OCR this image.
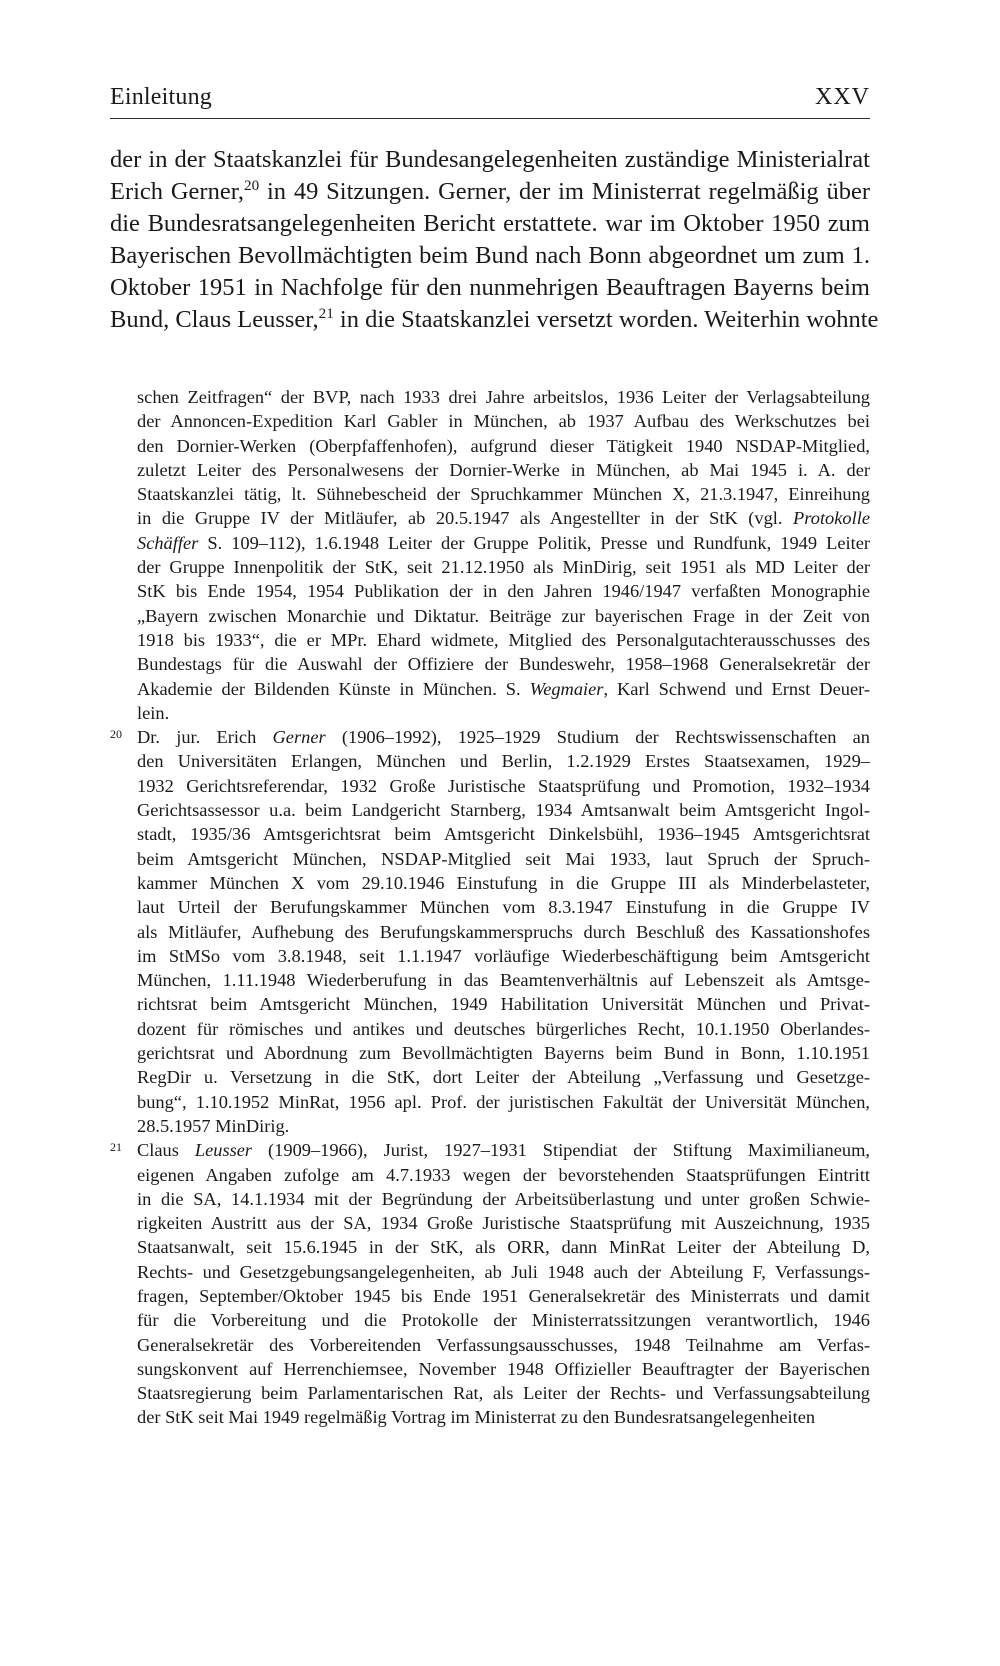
Einleitung	XXV
der in der Staatskanzlei für Bundesangelegenheiten zuständige Ministerialrat
Erich Gerner,$^{20}$ in 49 Sitzungen. Gerner, der im Ministerrat regelmäßig über
die Bundesratsangelegenheiten Bericht erstattete. war im Oktober 1950 zum
Bayerischen Bevollmächtigten beim Bund nach Bonn abgeordnet um zum 1.
Oktober 1951 in Nachfolge für den nunmehrigen Beauftragen Bayerns beim
Bund, Claus Leusser,$^{21}$ in die Staatskanzlei versetzt worden. Weiterhin wohnte
schen Zeitfragen“ der BVP, nach 1933 drei Jahre arbeitslos, 1936 Leiter der Verlagsabteilung
der Annoncen-Expedition Karl Gabler in München, ab 1937 Aufbau des Werkschutzes bei
den Dornier-Werken (Oberpfaffenhofen), aufgrund dieser Tätigkeit 1940 NSDAP-Mitglied,
zuletzt Leiter des Personalwesens der Dornier-Werke in München, ab Mai 1945 i. A. der
Staatskanzlei tätig, lt. Sühnebescheid der Spruchkammer München X, 21.3.1947, Einreihung
in die Gruppe IV der Mitläufer, ab 20.5.1947 als Angestellter in der StK (vgl. Protokolle
Schäffer S. 109–112), 1.6.1948 Leiter der Gruppe Politik, Presse und Rundfunk, 1949 Leiter
der Gruppe Innenpolitik der StK, seit 21.12.1950 als MinDirig, seit 1951 als MD Leiter der
StK bis Ende 1954, 1954 Publikation der in den Jahren 1946/1947 verfaßten Monographie
„Bayern zwischen Monarchie und Diktatur. Beiträge zur bayerischen Frage in der Zeit von
1918 bis 1933“, die er MPr. Ehard widmete, Mitglied des Personalgutachterausschusses des
Bundestags für die Auswahl der Offiziere der Bundeswehr, 1958–1968 Generalsekretär der
Akademie der Bildenden Künste in München. S. Wegmaier, Karl Schwend und Ernst Deuer-
lein.
20 Dr. jur. Erich Gerner (1906–1992), 1925–1929 Studium der Rechtswissenschaften an
den Universitäten Erlangen, München und Berlin, 1.2.1929 Erstes Staatsexamen, 1929–
1932 Gerichtsreferendar, 1932 Große Juristische Staatsprüfung und Promotion, 1932–1934
Gerichtsassessor u.a. beim Landgericht Starnberg, 1934 Amtsanwalt beim Amtsgericht Ingol-
stadt, 1935/36 Amtsgerichtsrat beim Amtsgericht Dinkelsbühl, 1936–1945 Amtsgerichtsrat
beim Amtsgericht München, NSDAP-Mitglied seit Mai 1933, laut Spruch der Spruch-
kammer München X vom 29.10.1946 Einstufung in die Gruppe III als Minderbelasteter,
laut Urteil der Berufungskammer München vom 8.3.1947 Einstufung in die Gruppe IV
als Mitläufer, Aufhebung des Berufungskammerspruchs durch Beschluß des Kassationshofes
im StMSo vom 3.8.1948, seit 1.1.1947 vorläufige Wiederbeschäftigung beim Amtsgericht
München, 1.11.1948 Wiederberufung in das Beamtenverhältnis auf Lebenszeit als Amtsge-
richtsrat beim Amtsgericht München, 1949 Habilitation Universität München und Privat-
dozent für römisches und antikes und deutsches bürgerliches Recht, 10.1.1950 Oberlandes-
gerichtsrat und Abordnung zum Bevollmächtigten Bayerns beim Bund in Bonn, 1.10.1951
RegDir u. Versetzung in die StK, dort Leiter der Abteilung „Verfassung und Gesetzge-
bung“, 1.10.1952 MinRat, 1956 apl. Prof. der juristischen Fakultät der Universität München,
28.5.1957 MinDirig.
21 Claus Leusser (1909–1966), Jurist, 1927–1931 Stipendiat der Stiftung Maximilianeum,
eigenen Angaben zufolge am 4.7.1933 wegen der bevorstehenden Staatsprüfungen Eintritt
in die SA, 14.1.1934 mit der Begründung der Arbeitsüberlastung und unter großen Schwie-
rigkeiten Austritt aus der SA, 1934 Große Juristische Staatsprüfung mit Auszeichnung, 1935
Staatsanwalt, seit 15.6.1945 in der StK, als ORR, dann MinRat Leiter der Abteilung D,
Rechts- und Gesetzgebungsangelegenheiten, ab Juli 1948 auch der Abteilung F, Verfassungs-
fragen, September/Oktober 1945 bis Ende 1951 Generalsekretär des Ministerrats und damit
für die Vorbereitung und die Protokolle der Ministerratssitzungen verantwortlich, 1946
Generalsekretär des Vorbereitenden Verfassungsausschusses, 1948 Teilnahme am Verfas-
sungskonvent auf Herrenchiemsee, November 1948 Offizieller Beauftragter der Bayerischen
Staatsregierung beim Parlamentarischen Rat, als Leiter der Rechts- und Verfassungsabteilung
der StK seit Mai 1949 regelmäßig Vortrag im Ministerrat zu den Bundesratsangelegenheiten
